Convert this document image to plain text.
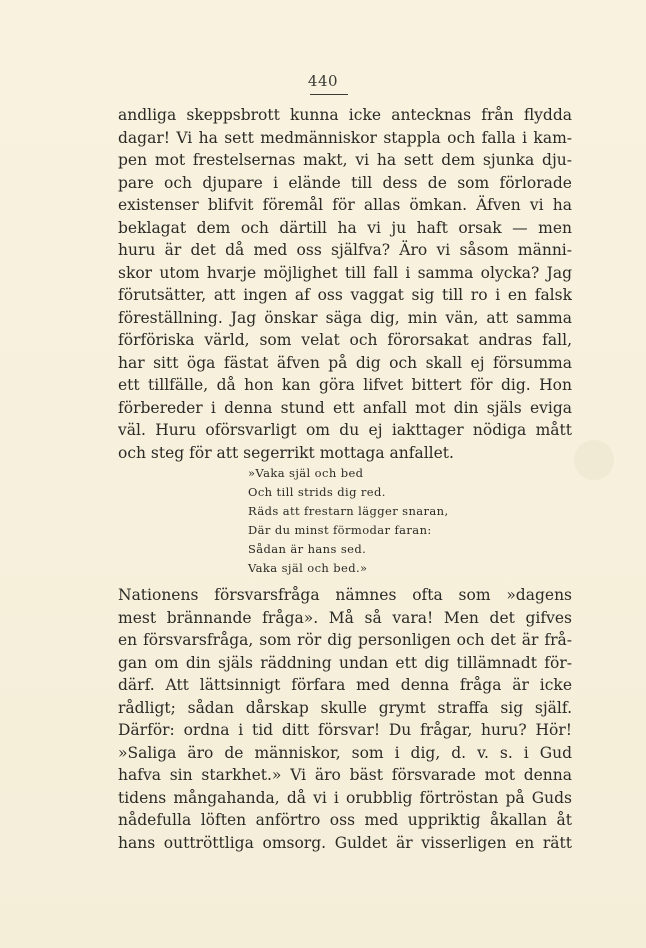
440
andliga skeppsbrott kunna icke antecknas från flydda
dagar! Vi ha sett medmänniskor stappla och falla i kam-
pen mot frestelsernas makt, vi ha sett dem sjunka dju-
pare och djupare i elände till dess de som förlorade
existenser blifvit föremål för allas ömkan. Äfven vi ha
beklagat dem och därtill ha vi ju haft orsak — men
huru är det då med oss själfva? Äro vi såsom männi-
skor utom hvarje möjlighet till fall i samma olycka? Jag
förutsätter, att ingen af oss vaggat sig till ro i en falsk
föreställning. Jag önskar säga dig, min vän, att samma
förföriska värld, som velat och förorsakat andras fall,
har sitt öga fästat äfven på dig och skall ej försumma
ett tillfälle, då hon kan göra lifvet bittert för dig. Hon
förbereder i denna stund ett anfall mot din själs eviga
väl. Huru oförsvarligt om du ej iakttager nödiga mått
och steg för att segerrikt mottaga anfallet.
»Vaka själ och bed
Och till strids dig red.
Räds att frestarn lägger snaran,
Där du minst förmodar faran:
Sådan är hans sed.
Vaka själ och bed.»
Nationens försvarsfråga nämnes ofta som »dagens
mest brännande fråga». Må så vara! Men det gifves
en försvarsfråga, som rör dig personligen och det är frå-
gan om din själs räddning undan ett dig tillämnadt för-
därf. Att lättsinnigt förfara med denna fråga är icke
rådligt; sådan dårskap skulle grymt straffa sig själf.
Därför: ordna i tid ditt försvar! Du frågar, huru? Hör!
»Saliga äro de människor, som i dig, d. v. s. i Gud
hafva sin starkhet.» Vi äro bäst försvarade mot denna
tidens mångahanda, då vi i orubblig förtröstan på Guds
nådefulla löften anförtro oss med uppriktig åkallan åt
hans outtröttliga omsorg. Guldet är visserligen en rätt
